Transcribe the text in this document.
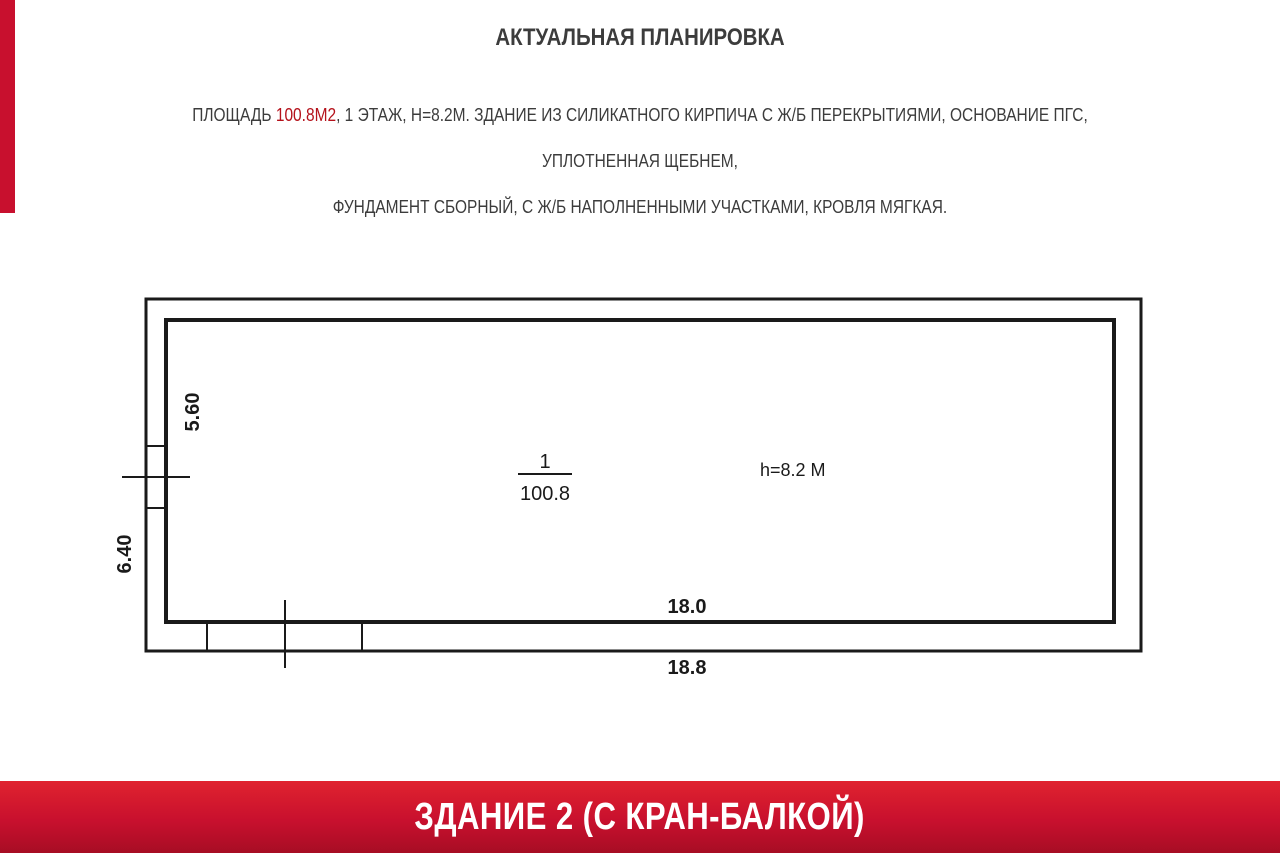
АКТУАЛЬНАЯ ПЛАНИРОВКА
ПЛОЩАДЬ 100.8М2, 1 ЭТАЖ, Н=8.2М. ЗДАНИЕ ИЗ СИЛИКАТНОГО КИРПИЧА С Ж/Б ПЕРЕКРЫТИЯМИ, ОСНОВАНИЕ ПГС, УПЛОТНЕННАЯ ЩЕБНЕМ,
ФУНДАМЕНТ СБОРНЫЙ, С Ж/Б НАПОЛНЕННЫМИ УЧАСТКАМИ, КРОВЛЯ МЯГКАЯ.
1
100.8
h=8.2 M
5.60
6.40
18.0
18.8
ЗДАНИЕ 2 (С КРАН-БАЛКОЙ)
